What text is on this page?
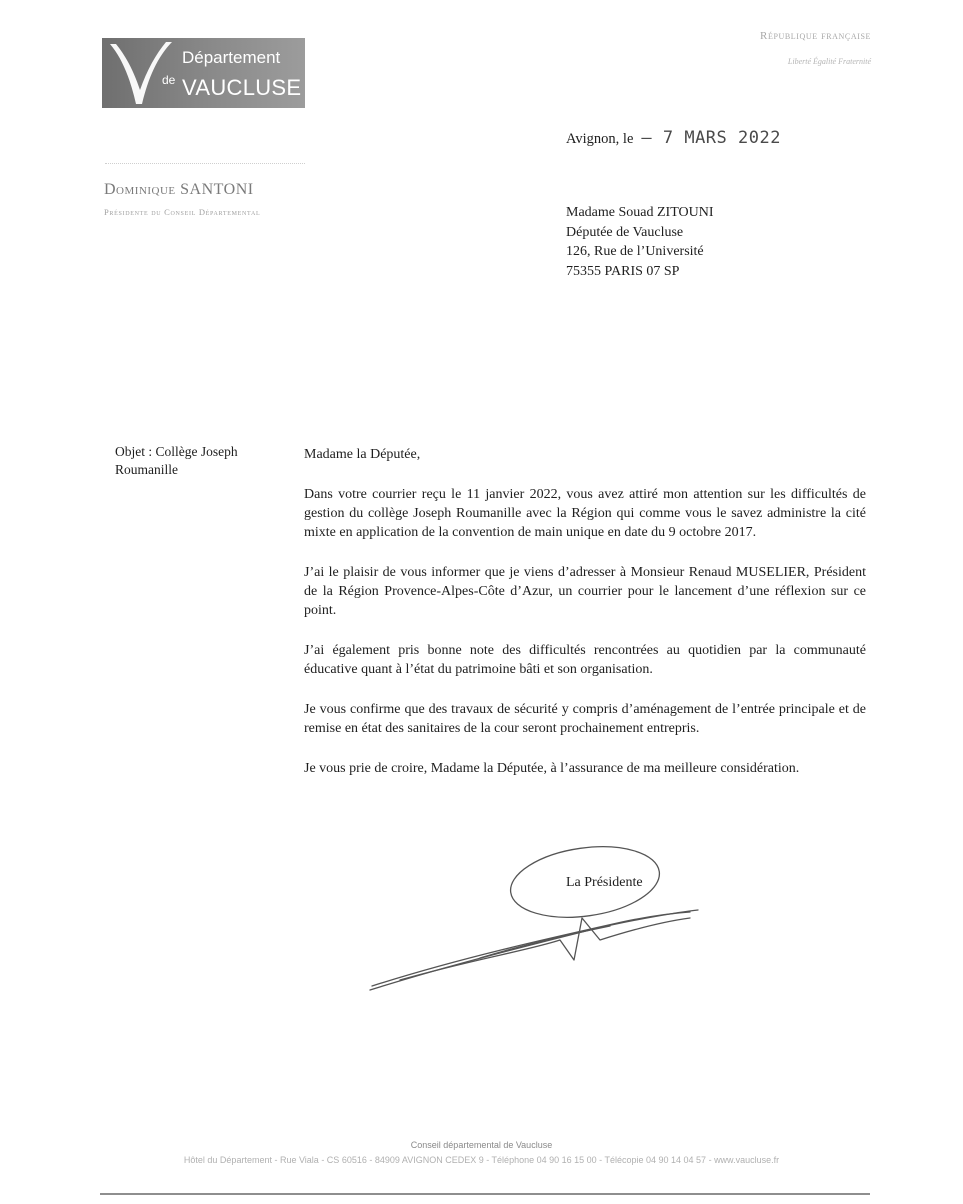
Département
de VAUCLUSE
République française
Liberté Égalité Fraternité
Dominique SANTONI
Présidente du Conseil Départemental
Avignon, le – 7 MARS 2022
Madame Souad ZITOUNI
Députée de Vaucluse
126, Rue de l’Université
75355 PARIS 07 SP
Objet : Collège Joseph Roumanille

Madame la Députée,

Dans votre courrier reçu le 11 janvier 2022, vous avez attiré mon attention sur les difficultés de gestion du collège Joseph Roumanille avec la Région qui comme vous le savez administre la cité mixte en application de la convention de main unique en date du 9 octobre 2017.

J’ai le plaisir de vous informer que je viens d’adresser à Monsieur Renaud MUSELIER, Président de la Région Provence-Alpes-Côte d’Azur, un courrier pour le lancement d’une réflexion sur ce point.

J’ai également pris bonne note des difficultés rencontrées au quotidien par la communauté éducative quant à l’état du patrimoine bâti et son organisation.

Je vous confirme que des travaux de sécurité y compris d’aménagement de l’entrée principale et de remise en état des sanitaires de la cour seront prochainement entrepris.

Je vous prie de croire, Madame la Députée, à l’assurance de ma meilleure considération.

La Présidente
Conseil départemental de Vaucluse
Hôtel du Département - Rue Viala - CS 60516 - 84909 AVIGNON CEDEX 9 - Téléphone 04 90 16 15 00 - Télécopie 04 90 14 04 57 - www.vaucluse.fr
